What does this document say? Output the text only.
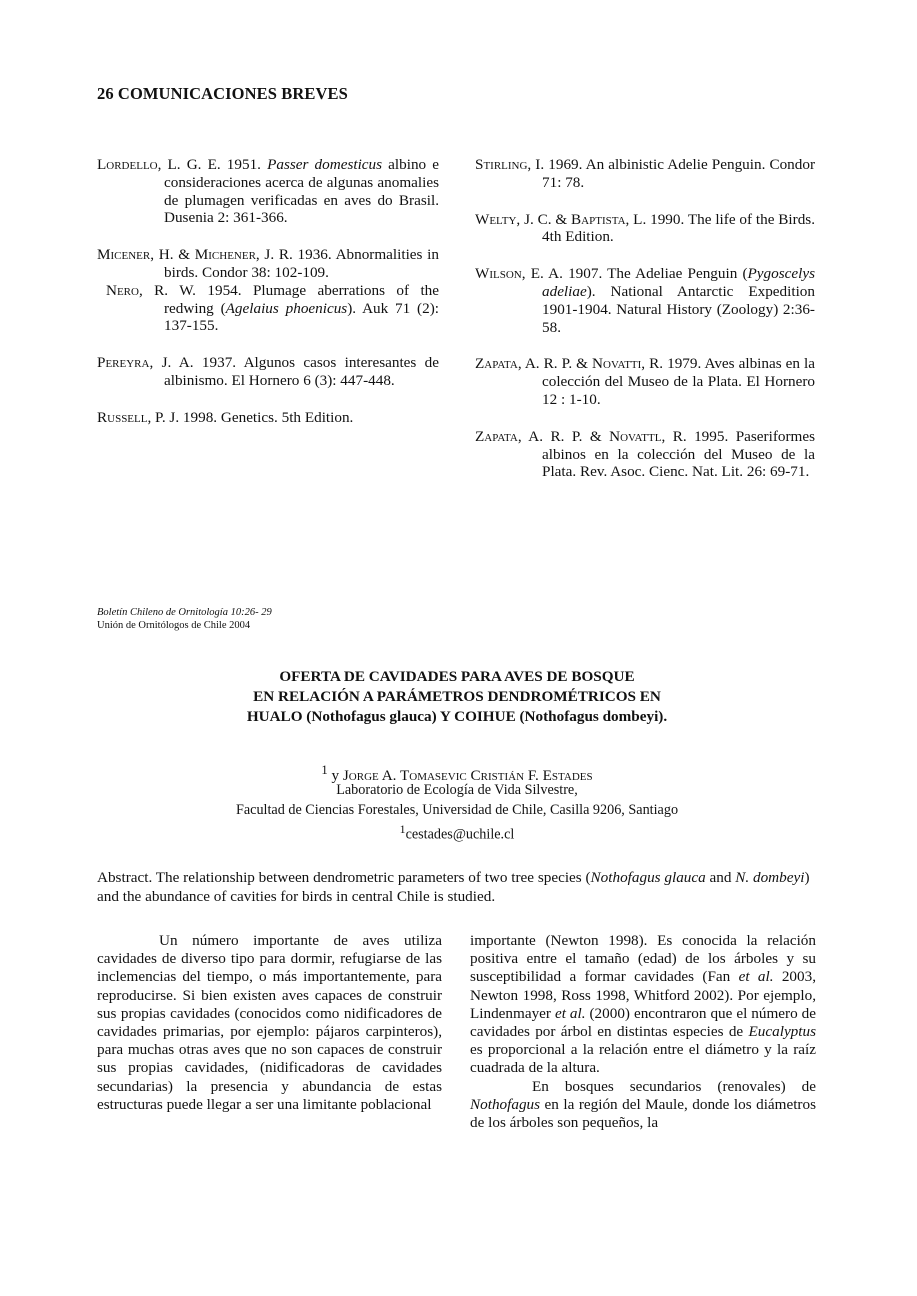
26 COMUNICACIONES BREVES
Lordello, L. G. E. 1951. Passer domesticus albino e consideraciones acerca de algunas anomalies de plumagen verificadas en aves do Brasil. Dusenia 2: 361-366.
Micener, H. & Michener, J. R. 1936. Abnormalities in birds. Condor 38: 102-109.
Nero, R. W. 1954. Plumage aberrations of the redwing (Agelaius phoenicus). Auk 71 (2): 137-155.
Pereyra, J. A. 1937. Algunos casos interesantes de albinismo. El Hornero 6 (3): 447-448.
Russell, P. J. 1998. Genetics. 5th Edition.
Stirling, I. 1969. An albinistic Adelie Penguin. Condor 71: 78.
Welty, J. C. & Baptista, L. 1990. The life of the Birds. 4th Edition.
Wilson, E. A. 1907. The Adeliae Penguin (Pygoscelys adeliae). National Antarctic Expedition 1901-1904. Natural History (Zoology) 2:36-58.
Zapata, A. R. P. & Novatti, R. 1979. Aves albinas en la colección del Museo de la Plata. El Hornero 12 : 1-10.
Zapata, A. R. P. & Novattl, R. 1995. Paseriformes albinos en la colección del Museo de la Plata. Rev. Asoc. Cienc. Nat. Lit. 26: 69-71.
Boletín Chileno de Ornitología 10:26- 29
Unión de Ornitólogos de Chile 2004
OFERTA DE CAVIDADES PARA AVES DE BOSQUE
EN RELACIÓN A PARÁMETROS DENDROMÉTRICOS EN
HUALO (Nothofagus glauca) Y COIHUE (Nothofagus dombeyi).
$^1$ y Jorge A. Tomasevic Cristián F. Estades
Laboratorio de Ecología de Vida Silvestre,
Facultad de Ciencias Forestales, Universidad de Chile, Casilla 9206, Santiago
$^1$cestades@uchile.cl
Abstract. The relationship between dendrometric parameters of two tree species (Nothofagus glauca and N. dombeyi) and the abundance of cavities for birds in central Chile is studied.

Un número importante de aves utiliza cavidades de diverso tipo para dormir, refugiarse de las inclemencias del tiempo, o más importantemente, para reproducirse. Si bien existen aves capaces de construir sus propias cavidades (conocidos como nidificadores de cavidades primarias, por ejemplo: pájaros carpinteros), para muchas otras aves que no son capaces de construir sus propias cavidades, (nidificadoras de cavidades secundarias) la presencia y abundancia de estas estructuras puede llegar a ser una limitante poblacional

importante (Newton 1998). Es conocida la relación positiva entre el tamaño (edad) de los árboles y su susceptibilidad a formar cavidades (Fan et al. 2003, Newton 1998, Ross 1998, Whitford 2002). Por ejemplo, Lindenmayer et al. (2000) encontraron que el número de cavidades por árbol en distintas especies de Eucalyptus es proporcional a la relación entre el diámetro y la raíz cuadrada de la altura.

En bosques secundarios (renovales) de Nothofagus en la región del Maule, donde los diámetros de los árboles son pequeños, la
